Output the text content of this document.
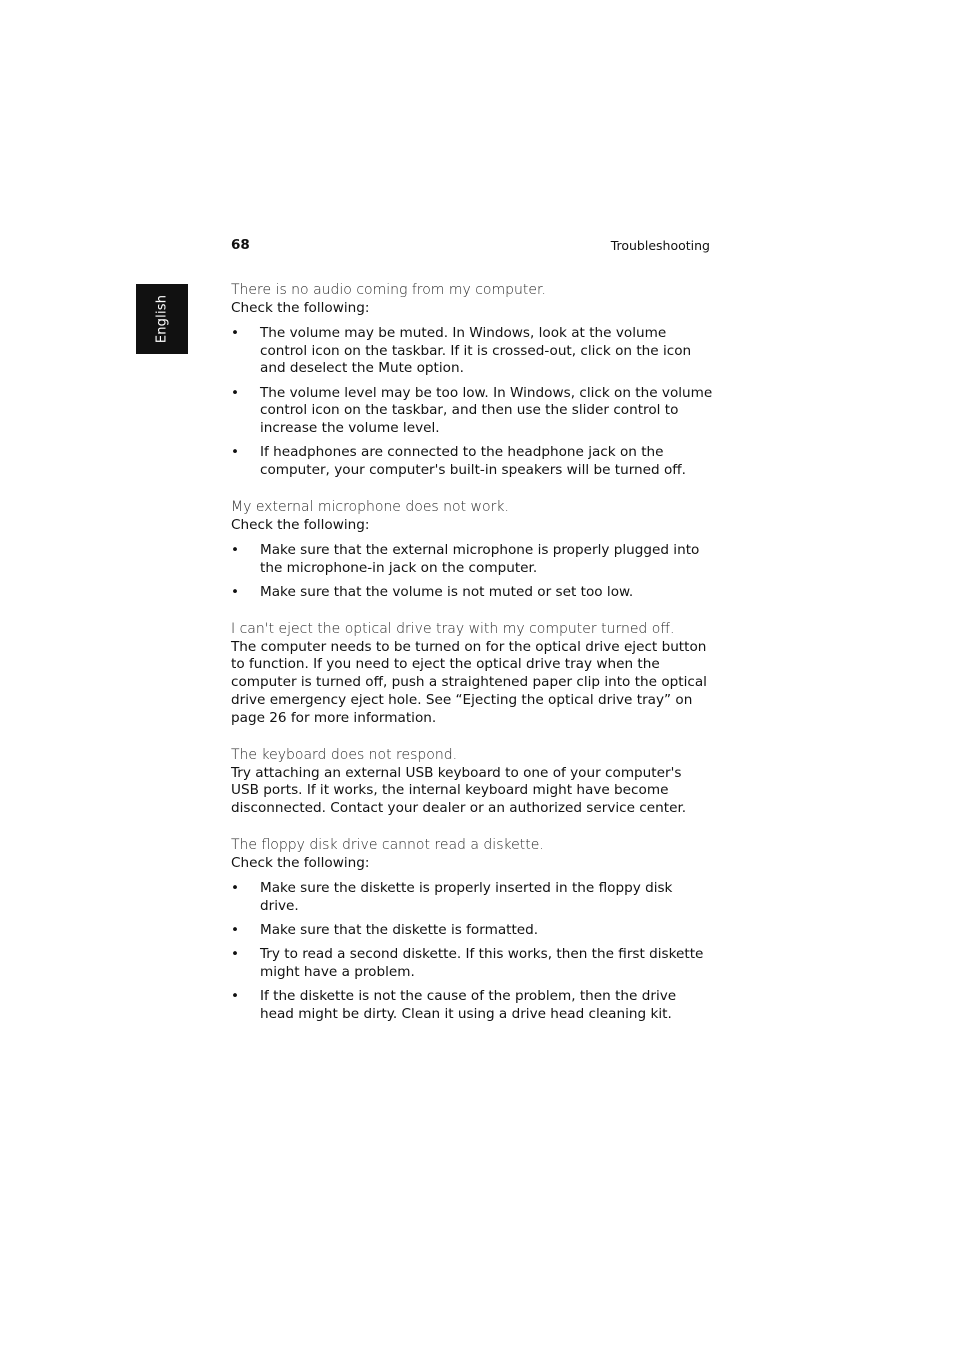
68	Troubleshooting
English

There is no audio coming from my computer.

Check the following:

• The volume may be muted. In Windows, look at the volume control icon on the taskbar. If it is crossed-out, click on the icon and deselect the Mute option.
• The volume level may be too low. In Windows, click on the volume control icon on the taskbar, and then use the slider control to increase the volume level.
• If headphones are connected to the headphone jack on the computer, your computer's built-in speakers will be turned off.

My external microphone does not work.

Check the following:

• Make sure that the external microphone is properly plugged into the microphone-in jack on the computer.
• Make sure that the volume is not muted or set too low.

I can't eject the optical drive tray with my computer turned off.

The computer needs to be turned on for the optical drive eject button to function. If you need to eject the optical drive tray when the computer is turned off, push a straightened paper clip into the optical drive emergency eject hole. See “Ejecting the optical drive tray” on page 26 for more information.

The keyboard does not respond.

Try attaching an external USB keyboard to one of your computer's USB ports. If it works, the internal keyboard might have become disconnected. Contact your dealer or an authorized service center.

The floppy disk drive cannot read a diskette.

Check the following:

• Make sure the diskette is properly inserted in the floppy disk drive.
• Make sure that the diskette is formatted.
• Try to read a second diskette. If this works, then the first diskette might have a problem.
• If the diskette is not the cause of the problem, then the drive head might be dirty. Clean it using a drive head cleaning kit.
